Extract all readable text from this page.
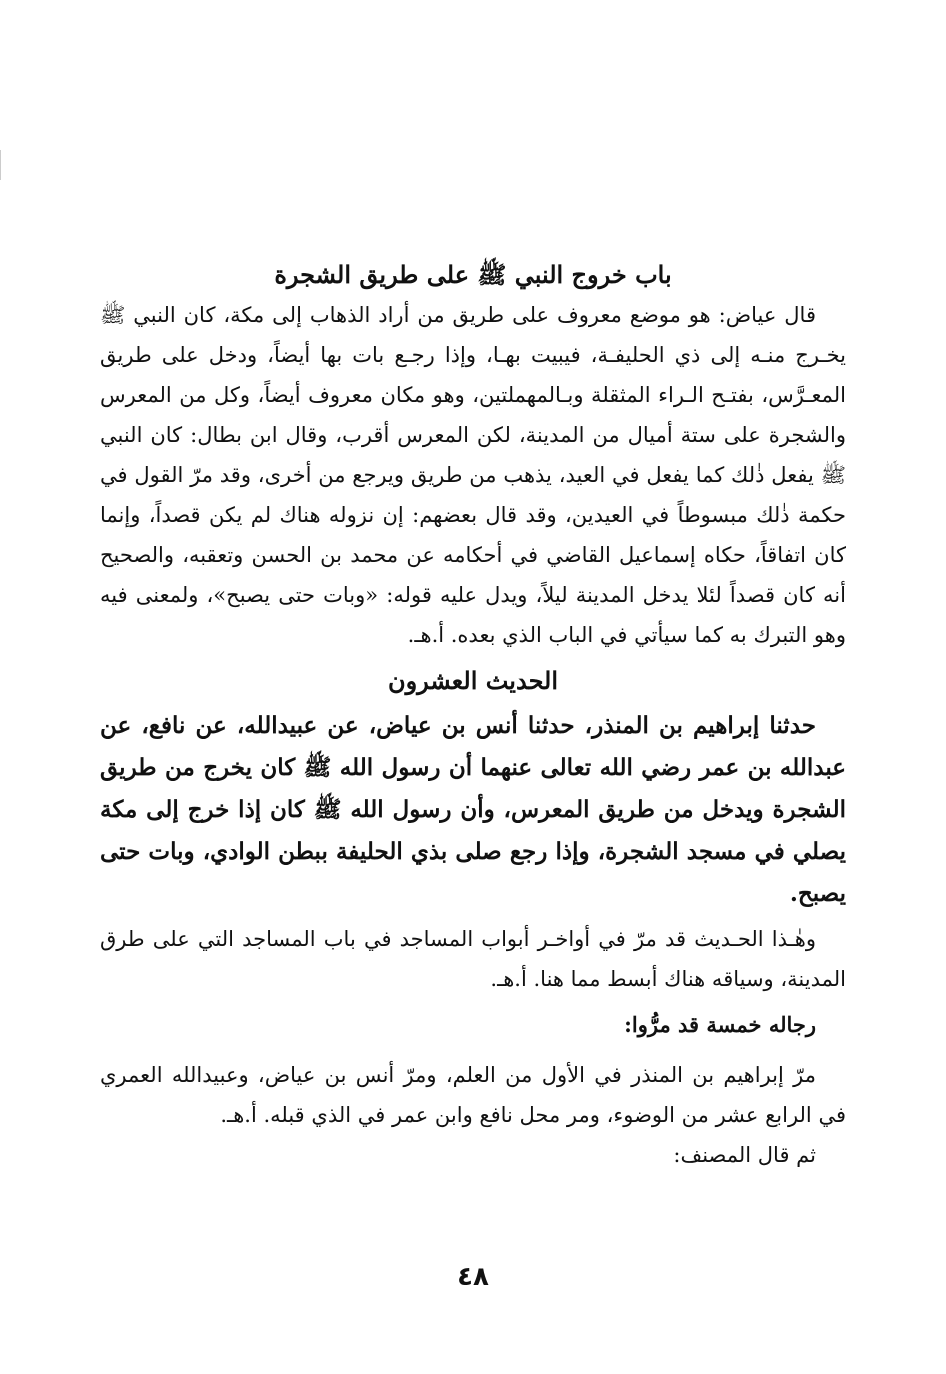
باب خروج النبي ﷺ على طريق الشجرة

قال عياض: هو موضع معروف على طريق من أراد الذهاب إلى مكة، كان النبي ﷺ يخـرج منـه إلى ذي الحليفـة، فيبيت بهـا، وإذا رجـع بات بها أيضاً، ودخل على طريق المعـرَّس، بفتـح الـراء المثقلة وبـالمهملتين، وهو مكان معروف أيضاً، وكل من المعرس والشجرة على ستة أميال من المدينة، لكن المعرس أقرب، وقال ابن بطال: كان النبي ﷺ يفعل ذٰلك كما يفعل في العيد، يذهب من طريق ويرجع من أخرى، وقد مرّ القول في حكمة ذٰلك مبسوطاً في العيدين، وقد قال بعضهم: إن نزوله هناك لم يكن قصداً، وإنما كان اتفاقاً، حكاه إسماعيل القاضي في أحكامه عن محمد بن الحسن وتعقبه، والصحيح أنه كان قصداً لئلا يدخل المدينة ليلاً، ويدل عليه قوله: «وبات حتى يصبح»، ولمعنى فيه وهو التبرك به كما سيأتي في الباب الذي بعده. أ.هـ.

الحديث العشرون

حدثنا إبراهيم بن المنذر، حدثنا أنس بن عياض، عن عبيدالله، عن نافع، عن عبدالله بن عمر رضي الله تعالى عنهما أن رسول الله ﷺ كان يخرج من طريق الشجرة ويدخل من طريق المعرس، وأن رسول الله ﷺ كان إذا خرج إلى مكة يصلي في مسجد الشجرة، وإذا رجع صلى بذي الحليفة ببطن الوادي، وبات حتى يصبح.

وهٰـذا الحـديث قد مرّ في أواخـر أبواب المساجد في باب المساجد التي على طرق المدينة، وسياقه هناك أبسط مما هنا. أ.هـ.

رجاله خمسة قد مرُّوا:

مرّ إبراهيم بن المنذر في الأول من العلم، ومرّ أنس بن عياض، وعبيدالله العمري في الرابع عشر من الوضوء، ومر محل نافع وابن عمر في الذي قبله. أ.هـ.

ثم قال المصنف:

٤٨
